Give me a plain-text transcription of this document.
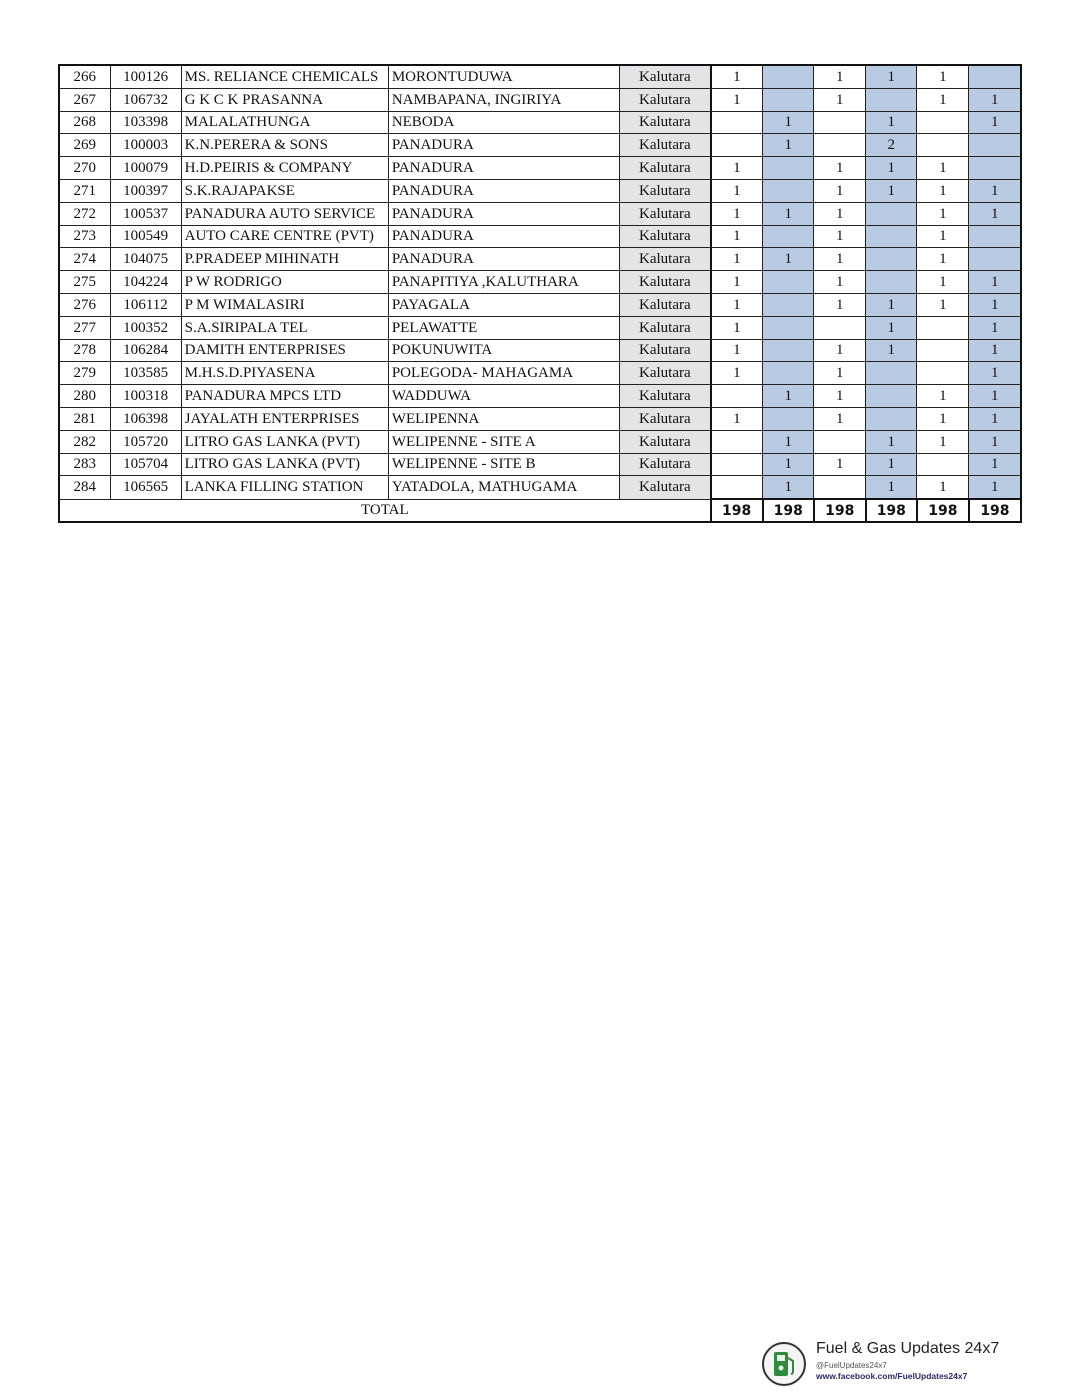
266	100126	MS. RELIANCE CHEMICALS	MORONTUDUWA	Kalutara	1		1	1	1	
267	106732	G K C K PRASANNA	NAMBAPANA, INGIRIYA	Kalutara	1		1		1	1
268	103398	MALALATHUNGA	NEBODA	Kalutara		1		1		1
269	100003	K.N.PERERA & SONS	PANADURA	Kalutara		1		2		
270	100079	H.D.PEIRIS & COMPANY	PANADURA	Kalutara	1		1	1	1	
271	100397	S.K.RAJAPAKSE	PANADURA	Kalutara	1		1	1	1	1
272	100537	PANADURA AUTO SERVICE	PANADURA	Kalutara	1	1	1		1	1
273	100549	AUTO CARE CENTRE (PVT)	PANADURA	Kalutara	1		1		1	
274	104075	P.PRADEEP MIHINATH	PANADURA	Kalutara	1	1	1		1	
275	104224	P W RODRIGO	PANAPITIYA ,KALUTHARA	Kalutara	1		1		1	1
276	106112	P M WIMALASIRI	PAYAGALA	Kalutara	1		1	1	1	1
277	100352	S.A.SIRIPALA TEL	PELAWATTE	Kalutara	1			1		1
278	106284	DAMITH ENTERPRISES	POKUNUWITA	Kalutara	1		1	1		1
279	103585	M.H.S.D.PIYASENA	POLEGODA- MAHAGAMA	Kalutara	1		1			1
280	100318	PANADURA MPCS LTD	WADDUWA	Kalutara		1	1		1	1
281	106398	JAYALATH ENTERPRISES	WELIPENNA	Kalutara	1		1		1	1
282	105720	LITRO GAS LANKA (PVT)	WELIPENNE - SITE A	Kalutara		1		1	1	1
283	105704	LITRO GAS LANKA (PVT)	WELIPENNE - SITE B	Kalutara		1	1	1		1
284	106565	LANKA FILLING STATION	YATADOLA, MATHUGAMA	Kalutara		1		1	1	1
TOTAL					198	198	198	198	198	198
Fuel & Gas Updates 24x7
@FuelUpdates24x7
www.facebook.com/FuelUpdates24x7
